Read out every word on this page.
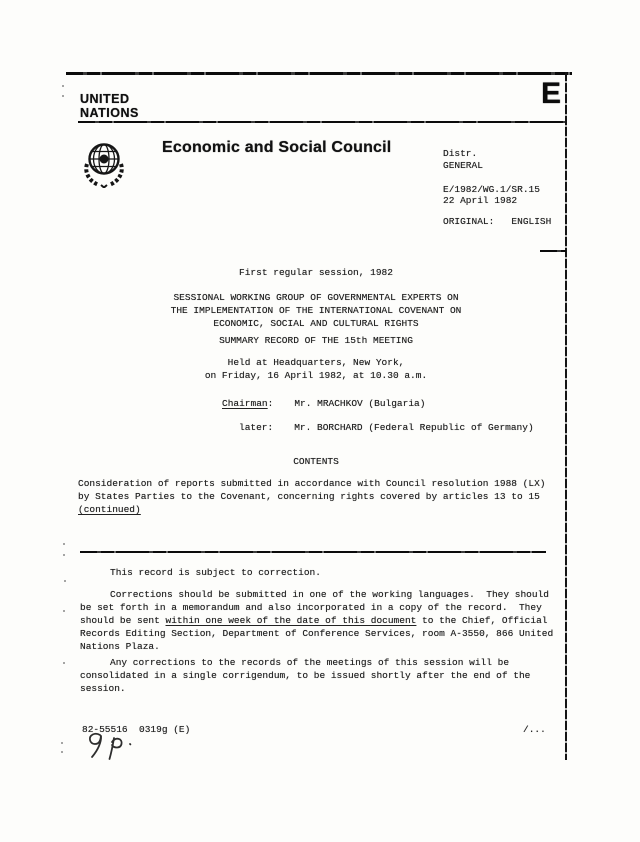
UNITED
NATIONS
E
Economic and Social Council	Distr.
GENERAL
E/1982/WG.1/SR.15
22 April 1982
ORIGINAL:   ENGLISH
First regular session, 1982
SESSIONAL WORKING GROUP OF GOVERNMENTAL EXPERTS ON
THE IMPLEMENTATION OF THE INTERNATIONAL COVENANT ON
ECONOMIC, SOCIAL AND CULTURAL RIGHTS
SUMMARY RECORD OF THE 15th MEETING
Held at Headquarters, New York,
on Friday, 16 April 1982, at 10.30 a.m.
Chairman: Mr. MRACHKOV (Bulgaria)
later: Mr. BORCHARD (Federal Republic of Germany)
CONTENTS
Consideration of reports submitted in accordance with Council resolution 1988 (LX)
by States Parties to the Covenant, concerning rights covered by articles 13 to 15
(continued)
This record is subject to correction.
Corrections should be submitted in one of the working languages.  They should
be set forth in a memorandum and also incorporated in a copy of the record.  They
should be sent within one week of the date of this document to the Chief, Official
Records Editing Section, Department of Conference Services, room A-3550, 866 United
Nations Plaza.
Any corrections to the records of the meetings of this session will be
consolidated in a single corrigendum, to be issued shortly after the end of the
session.
82-55516  0319g (E)	/...
